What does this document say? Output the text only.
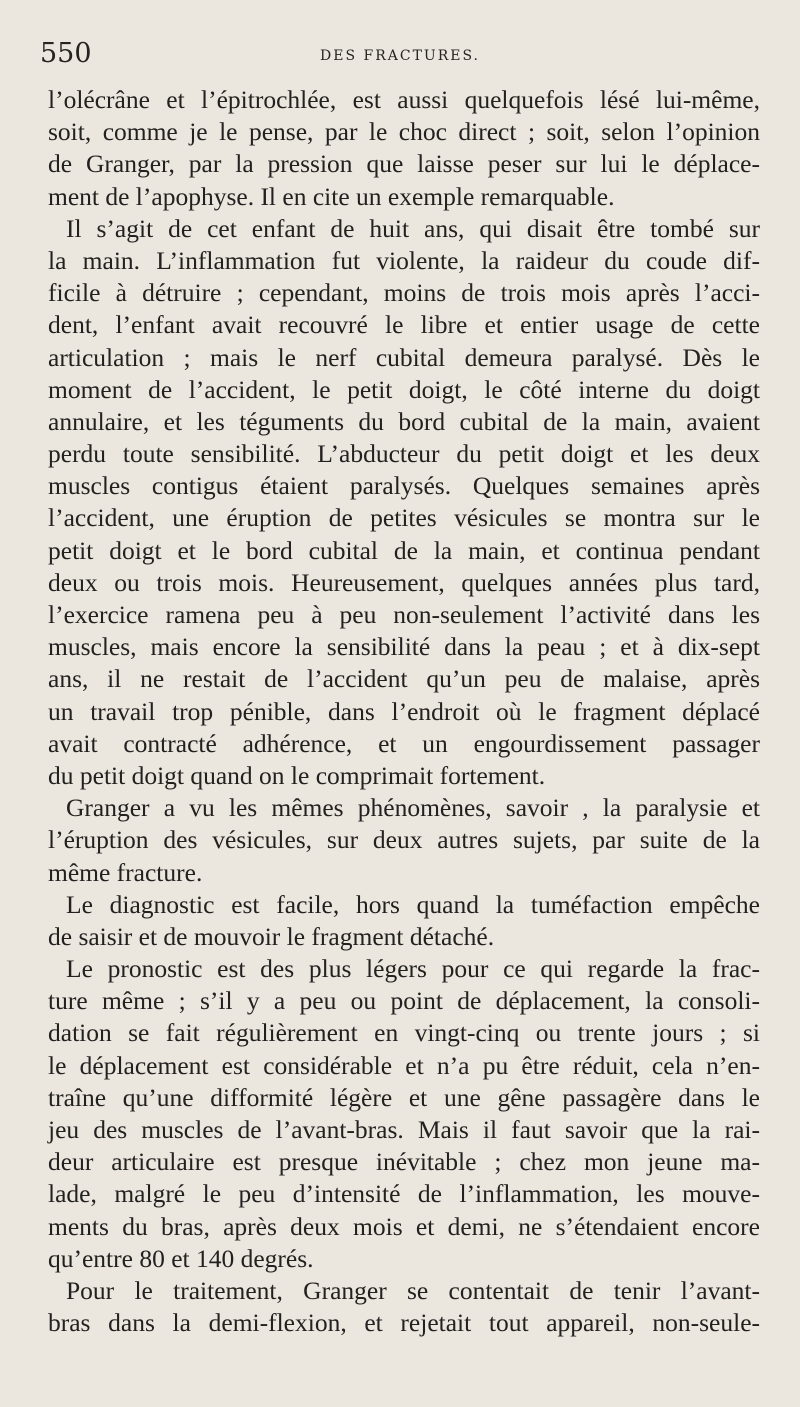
550	DES FRACTURES.
l’olécrâne et l’épitrochlée, est aussi quelquefois lésé lui-même,
soit, comme je le pense, par le choc direct ; soit, selon l’opinion
de Granger, par la pression que laisse peser sur lui le déplace-
ment de l’apophyse. Il en cite un exemple remarquable.
Il s’agit de cet enfant de huit ans, qui disait être tombé sur
la main. L’inflammation fut violente, la raideur du coude dif-
ficile à détruire ; cependant, moins de trois mois après l’acci-
dent, l’enfant avait recouvré le libre et entier usage de cette
articulation ; mais le nerf cubital demeura paralysé. Dès le
moment de l’accident, le petit doigt, le côté interne du doigt
annulaire, et les téguments du bord cubital de la main, avaient
perdu toute sensibilité. L’abducteur du petit doigt et les deux
muscles contigus étaient paralysés. Quelques semaines après
l’accident, une éruption de petites vésicules se montra sur le
petit doigt et le bord cubital de la main, et continua pendant
deux ou trois mois. Heureusement, quelques années plus tard,
l’exercice ramena peu à peu non-seulement l’activité dans les
muscles, mais encore la sensibilité dans la peau ; et à dix-sept
ans, il ne restait de l’accident qu’un peu de malaise, après
un travail trop pénible, dans l’endroit où le fragment déplacé
avait contracté adhérence, et un engourdissement passager
du petit doigt quand on le comprimait fortement.
Granger a vu les mêmes phénomènes, savoir , la paralysie et
l’éruption des vésicules, sur deux autres sujets, par suite de la
même fracture.
Le diagnostic est facile, hors quand la tuméfaction empêche
de saisir et de mouvoir le fragment détaché.
Le pronostic est des plus légers pour ce qui regarde la frac-
ture même ; s’il y a peu ou point de déplacement, la consoli-
dation se fait régulièrement en vingt-cinq ou trente jours ; si
le déplacement est considérable et n’a pu être réduit, cela n’en-
traîne qu’une difformité légère et une gêne passagère dans le
jeu des muscles de l’avant-bras. Mais il faut savoir que la rai-
deur articulaire est presque inévitable ; chez mon jeune ma-
lade, malgré le peu d’intensité de l’inflammation, les mouve-
ments du bras, après deux mois et demi, ne s’étendaient encore
qu’entre 80 et 140 degrés.
Pour le traitement, Granger se contentait de tenir l’avant-
bras dans la demi-flexion, et rejetait tout appareil, non-seule-
